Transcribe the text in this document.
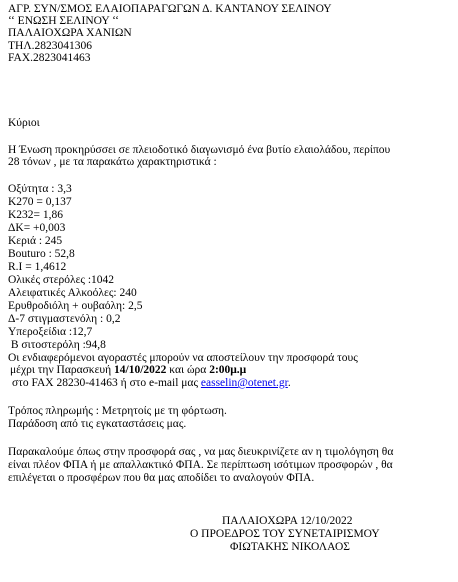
ΑΓΡ. ΣΥΝ/ΣΜΟΣ ΕΛΑΙΟΠΑΡΑΓΩΓΩΝ Δ. ΚΑΝΤΑΝΟΥ ΣΕΛΙΝΟΥ
‘‘ ΕΝΩΣΗ ΣΕΛΙΝΟΥ ‘‘
ΠΑΛΑΙΟΧΩΡΑ ΧΑΝΙΩΝ
ΤΗΛ.2823041306
FAX.2823041463
Κύριοι
Η Ένωση προκηρύσσει σε πλειοδοτικό διαγωνισμό ένα βυτίο ελαιολάδου, περίπου
28 τόνων , με τα παρακάτω χαρακτηριστικά :
Οξύτητα : 3,3
Κ270 = 0,137
Κ232= 1,86
ΔΚ= +0,003
Κεριά : 245
Bouturo : 52,8
R.I = 1,4612
Ολικές στερόλες :1042
Αλειφατικές Αλκοόλες: 240
Ερυθροδιόλη + ουβαόλη: 2,5
Δ-7 στιγμαστενόλη : 0,2
Υπεροξείδια :12,7
Β σιτοστερόλη :94,8
Οι ενδιαφερόμενοι αγοραστές μπορούν να αποστείλουν την προσφορά τους
μέχρι την Παρασκευή 14/10/2022 και ώρα 2:00μ.μ
στο FAX 28230-41463 ή στο e-mail μας easselin@otenet.gr.
Τρόπος πληρωμής : Μετρητοίς με τη φόρτωση.
Παράδοση από τις εγκαταστάσεις μας.
Παρακαλούμε όπως στην προσφορά σας , να μας διευκρινίζετε αν η τιμολόγηση θα
είναι πλέον ΦΠΑ ή με απαλλακτικό ΦΠΑ. Σε περίπτωση ισότιμων προσφορών , θα
επιλέγεται ο προσφέρων που θα μας αποδίδει το αναλογούν ΦΠΑ.
ΠΑΛΑΙΟΧΩΡΑ 12/10/2022
Ο ΠΡΟΕΔΡΟΣ ΤΟΥ ΣΥΝΕΤΑΙΡΙΣΜΟΥ
ΦΙΩΤΑΚΗΣ ΝΙΚΟΛΑΟΣ
